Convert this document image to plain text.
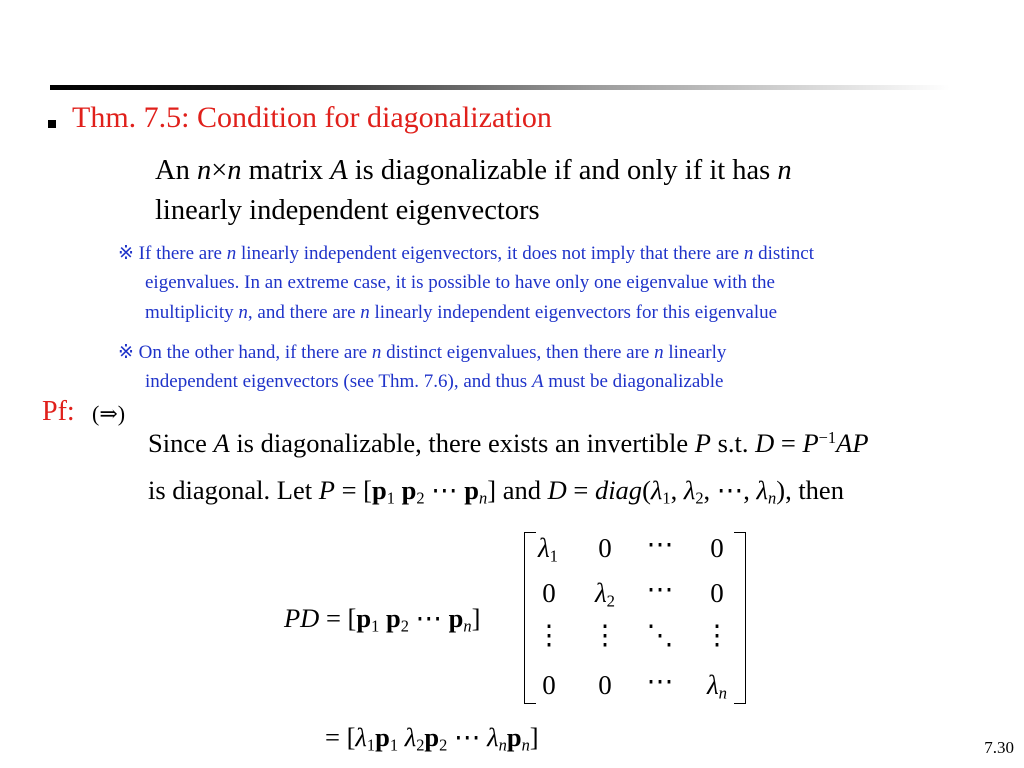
Thm. 7.5: Condition for diagonalization
An n×n matrix A is diagonalizable if and only if it has n
linearly independent eigenvectors
※ If there are n linearly independent eigenvectors, it does not imply that there are n distinct
eigenvalues. In an extreme case, it is possible to have only one eigenvalue with the
multiplicity n, and there are n linearly independent eigenvectors for this eigenvalue
※ On the other hand, if there are n distinct eigenvalues, then there are n linearly
independent eigenvectors (see Thm. 7.6), and thus A must be diagonalizable
Pf: (⇒)
Since A is diagonalizable, there exists an invertible P s.t. $D = P^{-1}AP$
is diagonal. Let $P = [p_1$ $p_2$ ⋯ $p_n$] and $D = diag(\lambda_1$, $\lambda_2$, ⋯, $\lambda_n$), then
PD = [$p_1$ $p_2$ ⋯ $p_n$]
$\lambda_1$	0	⋯	0
0	$\lambda_2$	⋯	0
⋮	⋮	⋱	⋮
0	0	⋯	$\lambda_n$
= [$\lambda_1p_1$ $\lambda_2p_2$ ⋯ $\lambda_np_n$]	7.30
